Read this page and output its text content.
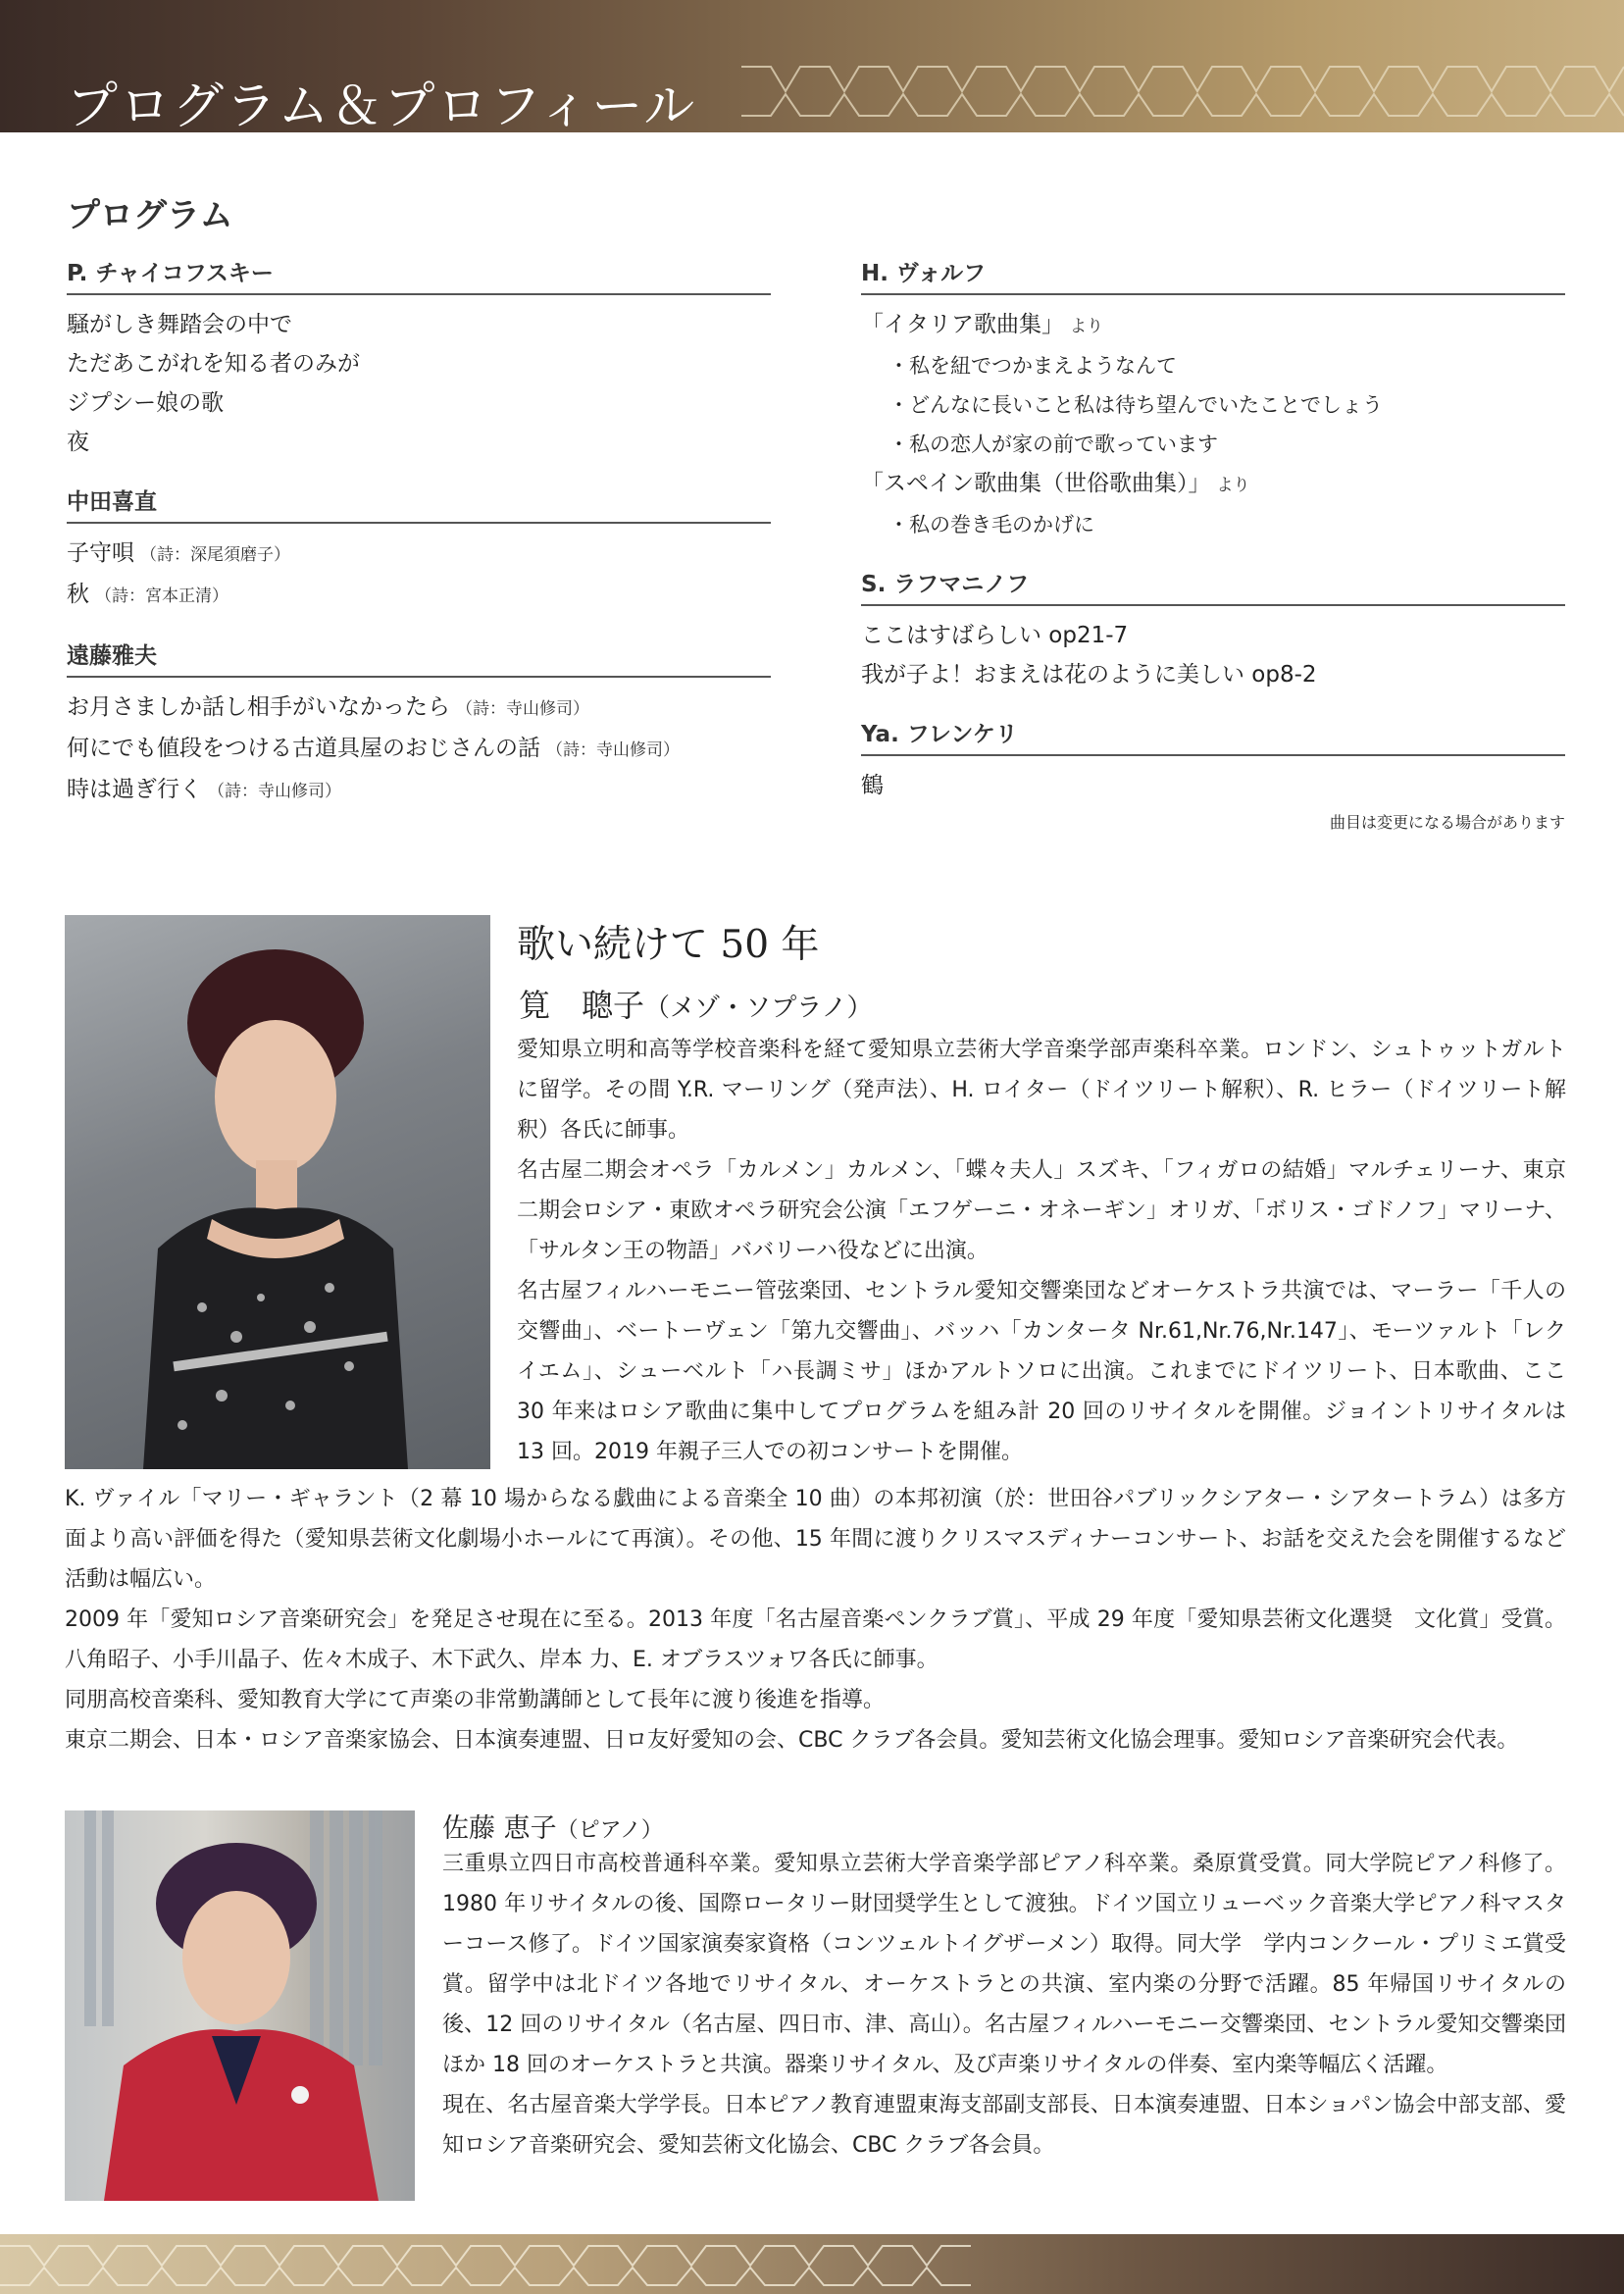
プログラム＆プロフィール
プログラム
P. チャイコフスキー
騒がしき舞踏会の中で
ただあこがれを知る者のみが
ジプシー娘の歌
夜
中田喜直
子守唄 （詩：深尾須磨子）
秋 （詩：宮本正清）
遠藤雅夫
お月さましか話し相手がいなかったら （詩：寺山修司）
何にでも値段をつける古道具屋のおじさんの話 （詩：寺山修司）
時は過ぎ行く （詩：寺山修司）
H. ヴォルフ
「イタリア歌曲集」 より
・私を紐でつかまえようなんて
・どんなに長いこと私は待ち望んでいたことでしょう
・私の恋人が家の前で歌っています
「スペイン歌曲集（世俗歌曲集）」 より
・私の巻き毛のかげに
S. ラフマニノフ
ここはすばらしい op21-7
我が子よ！おまえは花のように美しい op8-2
Ya. フレンケリ
鶴
曲目は変更になる場合があります
歌い続けて 50 年
筧　聰子（メゾ・ソプラノ）

愛知県立明和高等学校音楽科を経て愛知県立芸術大学音楽学部声楽科卒業。ロンドン、シュトゥットガルトに留学。その間 Y.R. マーリング（発声法）、H. ロイター（ドイツリート解釈）、R. ヒラー（ドイツリート解釈）各氏に師事。

名古屋二期会オペラ「カルメン」カルメン、「蝶々夫人」スズキ、「フィガロの結婚」マルチェリーナ、東京二期会ロシア・東欧オペラ研究会公演「エフゲーニ・オネーギン」オリガ、「ボリス・ゴドノフ」マリーナ、「サルタン王の物語」ババリーハ役などに出演。

名古屋フィルハーモニー管弦楽団、セントラル愛知交響楽団などオーケストラ共演では、マーラー「千人の交響曲」、ベートーヴェン「第九交響曲」、バッハ「カンタータ Nr.61,Nr.76,Nr.147」、モーツァルト「レクイエム」、シューベルト「ハ長調ミサ」ほかアルトソロに出演。これまでにドイツリート、日本歌曲、ここ 30 年来はロシア歌曲に集中してプログラムを組み計 20 回のリサイタルを開催。ジョイントリサイタルは 13 回。2019 年親子三人での初コンサートを開催。

K. ヴァイル「マリー・ギャラント（2 幕 10 場からなる戯曲による音楽全 10 曲）の本邦初演（於：世田谷パブリックシアター・シアタートラム）は多方面より高い評価を得た（愛知県芸術文化劇場小ホールにて再演）。その他、15 年間に渡りクリスマスディナーコンサート、お話を交えた会を開催するなど活動は幅広い。

2009 年「愛知ロシア音楽研究会」を発足させ現在に至る。2013 年度「名古屋音楽ペンクラブ賞」、平成 29 年度「愛知県芸術文化選奨　文化賞」受賞。八角昭子、小手川晶子、佐々木成子、木下武久、岸本 力、E. オブラスツォワ各氏に師事。

同朋高校音楽科、愛知教育大学にて声楽の非常勤講師として長年に渡り後進を指導。

東京二期会、日本・ロシア音楽家協会、日本演奏連盟、日ロ友好愛知の会、CBC クラブ各会員。愛知芸術文化協会理事。愛知ロシア音楽研究会代表。

佐藤 恵子（ピアノ）

三重県立四日市高校普通科卒業。愛知県立芸術大学音楽学部ピアノ科卒業。桑原賞受賞。同大学院ピアノ科修了。1980 年リサイタルの後、国際ロータリー財団奨学生として渡独。ドイツ国立リューベック音楽大学ピアノ科マスターコース修了。ドイツ国家演奏家資格（コンツェルトイグザーメン）取得。同大学　学内コンクール・プリミエ賞受賞。留学中は北ドイツ各地でリサイタル、オーケストラとの共演、室内楽の分野で活躍。85 年帰国リサイタルの後、12 回のリサイタル（名古屋、四日市、津、高山）。名古屋フィルハーモニー交響楽団、セントラル愛知交響楽団ほか 18 回のオーケストラと共演。器楽リサイタル、及び声楽リサイタルの伴奏、室内楽等幅広く活躍。

現在、名古屋音楽大学学長。日本ピアノ教育連盟東海支部副支部長、日本演奏連盟、日本ショパン協会中部支部、愛知ロシア音楽研究会、愛知芸術文化協会、CBC クラブ各会員。
